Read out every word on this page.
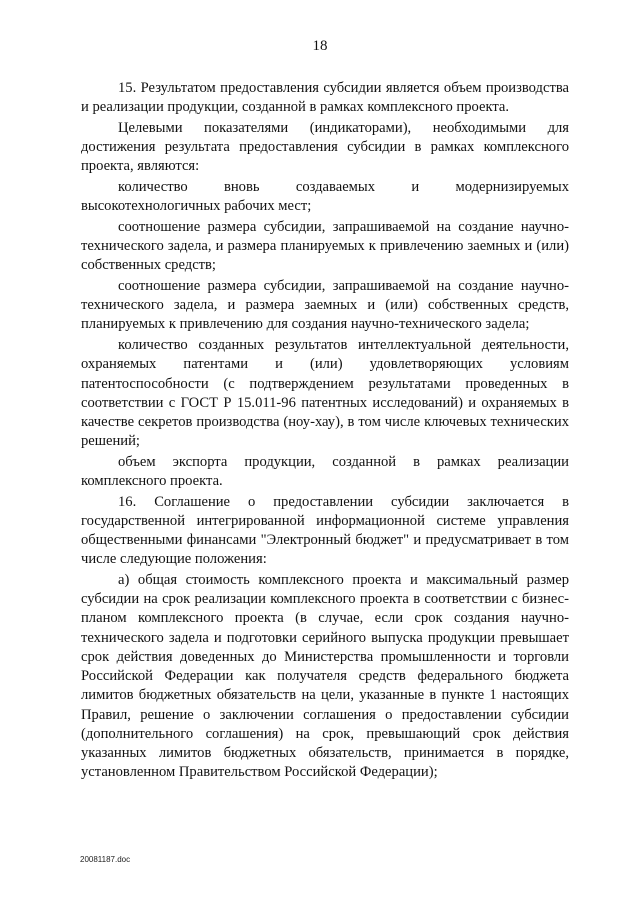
18

15. Результатом предоставления субсидии является объем производства и реализации продукции, созданной в рамках комплексного проекта.

Целевыми показателями (индикаторами), необходимыми для достижения результата предоставления субсидии в рамках комплексного проекта, являются:

количество вновь создаваемых и модернизируемых высокотехнологичных рабочих мест;

соотношение размера субсидии, запрашиваемой на создание научно-технического задела, и размера планируемых к привлечению заемных и (или) собственных средств;

соотношение размера субсидии, запрашиваемой на создание научно-технического задела, и размера заемных и (или) собственных средств, планируемых к привлечению для создания научно-технического задела;

количество созданных результатов интеллектуальной деятельности, охраняемых патентами и (или) удовлетворяющих условиям патентоспособности (с подтверждением результатами проведенных в соответствии с ГОСТ Р 15.011-96 патентных исследований) и охраняемых в качестве секретов производства (ноу-хау), в том числе ключевых технических решений;

объем экспорта продукции, созданной в рамках реализации комплексного проекта.

16. Соглашение о предоставлении субсидии заключается в государственной интегрированной информационной системе управления общественными финансами "Электронный бюджет" и предусматривает в том числе следующие положения:

а) общая стоимость комплексного проекта и максимальный размер субсидии на срок реализации комплексного проекта в соответствии с бизнес-планом комплексного проекта (в случае, если срок создания научно-технического задела и подготовки серийного выпуска продукции превышает срок действия доведенных до Министерства промышленности и торговли Российской Федерации как получателя средств федерального бюджета лимитов бюджетных обязательств на цели, указанные в пункте 1 настоящих Правил, решение о заключении соглашения о предоставлении субсидии (дополнительного соглашения) на срок, превышающий срок действия указанных лимитов бюджетных обязательств, принимается в порядке, установленном Правительством Российской Федерации);

20081187.doc
